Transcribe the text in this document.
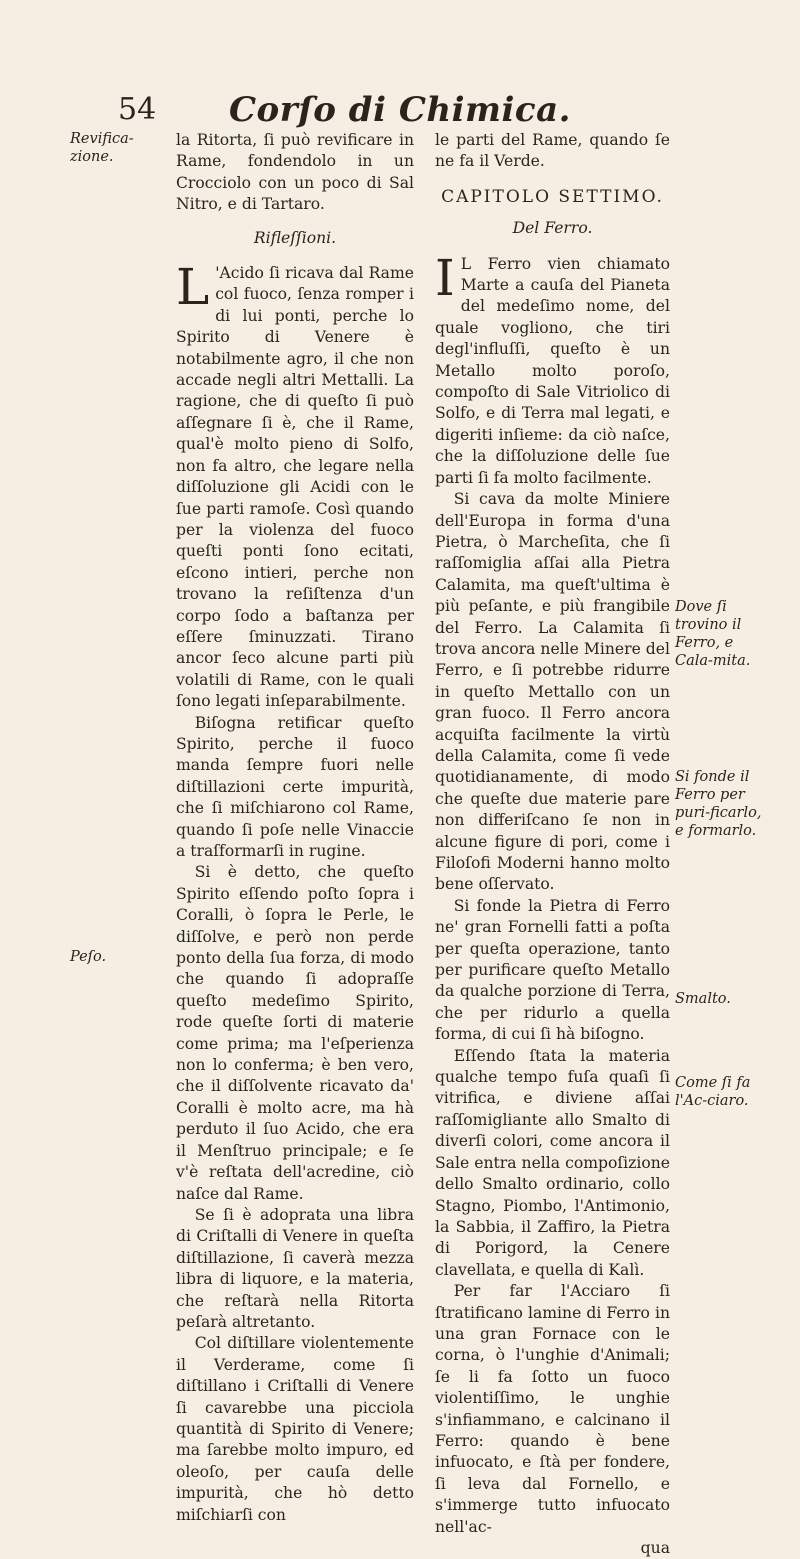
54	Corſo di Chimica.

la Ritorta, ſi può revificare in Rame, fondendolo in un Crocciolo con un poco di Sal Nitro, e di Tartaro.

Rifleſſioni.

L 'Acido ſi ricava dal Rame col fuoco, ſenza romper i di lui ponti, perche lo Spirito di Venere è notabilmente agro, il che non accade negli altri Mettalli. La ragione, che di queſto ſi può aſſegnare ſi è, che il Rame, qual'è molto pieno di Solfo, non fa altro, che legare nella diſſoluzione gli Acidi con le ſue parti ramoſe. Così quando per la violenza del fuoco queſti ponti ſono ecitati, eſcono intieri, perche non trovano la reſiſtenza d'un corpo ſodo a baſtanza per eſſere ſminuzzati. Tirano ancor ſeco alcune parti più volatili di Rame, con le quali ſono legati inſeparabilmente.

Biſogna retificar queſto Spirito, perche il fuoco manda ſempre fuori nelle diſtillazioni certe impurità, che ſi miſchiarono col Rame, quando ſi poſe nelle Vinaccie a traſformarſi in rugine.

Si è detto, che queſto Spirito eſſendo poſto ſopra i Coralli, ò ſopra le Perle, le diſſolve, e però non perde ponto della ſua forza, di modo che quando ſi adopraſſe queſto medeſimo Spirito, rode queſte ſorti di materie come prima; ma l'eſperienza non lo conferma; è ben vero, che il diſſolvente ricavato da' Coralli è molto acre, ma hà perduto il ſuo Acido, che era il Menſtruo principale; e ſe v'è reſtata dell'acredine, ciò naſce dal Rame.

Se ſi è adoprata una libra di Criſtalli di Venere in queſta diſtillazione, ſi caverà mezza libra di liquore, e la materia, che reſtarà nella Ritorta peſarà altretanto.

Col diſtillare violentemente il Verderame, come ſi diſtillano i Criſtalli di Venere ſi cavarebbe una picciola quantità di Spirito di Venere; ma ſarebbe molto impuro, ed oleoſo, per cauſa delle impurità, che hò detto miſchiarſi con

le parti del Rame, quando ſe ne fa il Verde.

CAPITOLO SETTIMO.
Del Ferro.

I L Ferro vien chiamato Marte a cauſa del Pianeta del medeſimo nome, del quale vogliono, che tiri degl'influſſi, queſto è un Metallo molto poroſo, compoſto di Sale Vitriolico di Solfo, e di Terra mal legati, e digeriti inſieme: da ciò naſce, che la diſſoluzione delle ſue parti ſi fa molto facilmente.

Si cava da molte Miniere dell'Europa in forma d'una Pietra, ò Marcheſita, che ſi raſſomiglia aſſai alla Pietra Calamita, ma queſt'ultima è più peſante, e più frangibile del Ferro. La Calamita ſi trova ancora nelle Minere del Ferro, e ſi potrebbe ridurre in queſto Mettallo con un gran fuoco. Il Ferro ancora acquiſta facilmente la virtù della Calamita, come ſi vede quotidianamente, di modo che queſte due materie pare non differiſcano ſe non in alcune figure di pori, come i Filoſofi Moderni hanno molto bene oſſervato.

Si fonde la Pietra di Ferro ne' gran Fornelli fatti a poſta per queſta operazione, tanto per purificare queſto Metallo da qualche porzione di Terra, che per ridurlo a quella forma, di cui ſi hà biſogno.

Eſſendo ſtata la materia qualche tempo fuſa quaſi ſi vitrifica, e diviene aſſai raſſomigliante allo Smalto di diverſi colori, come ancora il Sale entra nella compoſizione dello Smalto ordinario, collo Stagno, Piombo, l'Antimonio, la Sabbia, il Zaffiro, la Pietra di Porigord, la Cenere clavellata, e quella di Kalì.

Per far l'Acciaro ſi ſtratificano lamine di Ferro in una gran Fornace con le corna, ò l'unghie d'Animali; ſe li fa ſotto un fuoco violentiſſimo, le unghie s'infiammano, e calcinano il Ferro: quando è bene infuocato, e ſtà per fondere, ſi leva dal Fornello, e s'immerge tutto infuocato nell'ac-

qua

Revifica-zione.
Peſo.
Dove ſi trovino il Ferro, e Cala-mita.
Si fonde il Ferro per puri-ficarlo, e formarlo.
Smalto.
Come ſi fa l'Ac-ciaro.
